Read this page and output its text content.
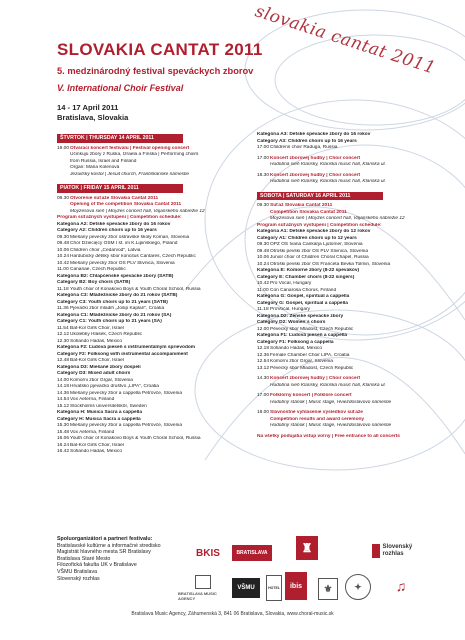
slovakia cantat 2011
SLOVAKIA CANTAT 2011
5. medzinárodný festival speváckych zborov
V. International Choir Festival
14 - 17 April 2011
Bratislava, Slovakia
ŠTVRTOK | THURSDAY 14 APRIL 2011
19.00Otvárací koncert festivalu | Festival opening concert
Účinkujú zbory z Ruska, Izraela a Fínska | Performing choirs
from Russia, Israel and Finland
Organ: Mária Kolenová
Jezuitský kostol | Jesuit church, Františkánske námestie
PIATOK | FRIDAY 15 APRIL 2011
09.30Otvorenie súťaže Slovakia Cantat 2011
Opening of the competition Slovakia Cantat 2011
Moyzesova sieň | Moyzes concert hall, Vajanského nábrežie 12
Program súťažných vystúpení | Competition schedule:
Kategória A2: Detské spevácke zbory do 16 rokov
Category A2: Children choirs up to 16 years
09.30Miešaný pevecký zbor ostravské školy Koman, Slovenia
09.48Chór Dziecięcy OSM I st. im K.Lipińskiego, Poland
10.06Children choir „Cedarvod“, Latvia
10.24Hardubický dětský sbor koncitus Cantares, Czech Republic
10.42Miešaný pevecký zbor OS PLV Slivnica, Slovenia
11.00Canariae, Czech Republic
Kategória B2: Chlapčenské spevácke zbory (SATB)
Category B2: Boy choirs (SATB)
11.18Youth choir of Konakovo Boys & Youth Choral School, Russia
Kategória C3: Mládežnícke zbory do 21 rokov (SATB)
Category C3: Youth choirs up to 21 years (SATB)
11.36Pjevački zbor mladih „Josip Kaplan“, Croatia
Kategória C1: Mládežnícke zbory do 21 rokov (SA)
Category C1: Youth choirs up to 21 years (SA)
11.54Bat-Kol Girls Choir, Israel
12.12Ukolebky Hlásek, Czech Republic
12.30Sofiando Hadas, Mexico
Kategória F2: Ľudová pieseň s inštrumentálnym sprievodom
Category F2: Folksong with instrumental accompaniment
12.48Bat-Kol Girls Choir, Israel
Kategória D3: Miešané zbory dospelí
Category D3: Mixed adult choirs
14.00Komorni zbor Grgar, Slovenia
14.18Hrvatsko pjevačko društvo „LIPA“, Croatia
14.36Miešaný pevecký zbor a cappella Petrovče, Slovenia
14.54Vox Aeterna, Finland
15.12Stockholms universitetskör, Sweden
Kategória H: Musica Sacra a cappella
Category H: Musica Sacra a cappella
15.30Miešaný pevecký zbor a cappella Petrovče, Slovenia
15.48Vox Aeterna, Finland
16.06Youth choir of Konakovo Boys & Youth Choral School, Russia
16.24Bat-Kol Girls Choir, Israel
16.42Sofiando Hadas, Mexico
Kategória A3: Detské spevácke zbory do 16 rokov
Category A3: Children choirs up to 16 years
17.00Childrens choir Raduga, Russia
17.00Koncert zborovej hudby | Choir concert
Hudobná sieň Klarisky, Klariská music hall, Klariská ul.
18.30Koncert zborovej hudby | Choir concert
Hudobná sieň Klarisky, Klariská music hall, Klariská ul.
SOBOTA | SATURDAY 16 APRIL 2011
09.30Súťaž Slovakia Cantat 2011
Competition Slovakia Cantat 2011
Moyzesova sieň | Moyzes concert hall, Vajanského nábrežie 12
Program súťažných vystúpení | Competition schedule:
Kategória A1: Detské spevácke zbory do 12 rokov
Category A1: Children choirs up to 12 years
09.30OPZ OŠ Ivana Cankarja Ljutomer, Slovenia
09.48Otroški pevski zbor OS PLV Slivnica, Slovenia
10.06Junior choir of Children Choral Chapel, Russia
10.24Otroški pevski zbor OŠ Franceta Bevka Tolmin, Slovenia
Kategória E: Komorné zbory (8-22 spevákov)
Category E: Chamber choirs (8-22 singers)
10.42Pro Vocal, Hungary
11.00Con Canarosa Chorus, Finland
Kategória G: Gospel, spirituál a cappella
Category G: Gospel, spiritual a cappella
11.18ProVocal, Hungary
Kategória D2: Ženské spevácke zbory
Category D2: Women´s choirs
12.00Pěvecký sbor Mladost, Czech Republic
Kategória F1: Ľudová pieseň a cappella
Category F1: Folksong a cappella
12.18Sofiando Hadas, Mexico
12.36Female Chamber Choir LIPA, Croatia
12.54Komorni zbor Grgar, Slovenia
13.12Pěvecký sbor Mladost, Czech Republic
14.30Koncert zborovej hudby | Choir concert
Hudobná sieň Klarisky, Klariská music hall, Klariská ul.
17.00Folklórny koncert | Folklore concert
Hudobný stánok | Music stage, Hviezdoslavovo námestie
18.00Slávnostné vyhlásenie výsledkov súťaže
Competition results and award ceremony
Hudobný stánok | Music stage, Hviezdoslavovo námestie
Na všetky podujatia vstup voľný | Free entrance to all concerts
Spoluorganizátori a partneri festivalu:
Bratislavské kultúrne a informačné stredisko
Magistrát hlavného mesta SR Bratislavy
Bratislava Staré Mesto
Filozofická fakulta UK v Bratislave
VŠMU Bratislava
Slovenský rozhlas
BKIS	BRATISLAVA	♜	Slovenský rozhlas
BRATISLAVA MUSIC AGENCY
VŠMU	HOTEL	ibis	⚜	✦	♫
Bratislava Music Agency, Záhumenská 3, 841 06 Bratislava, Slovakia, www.choral-music.sk
